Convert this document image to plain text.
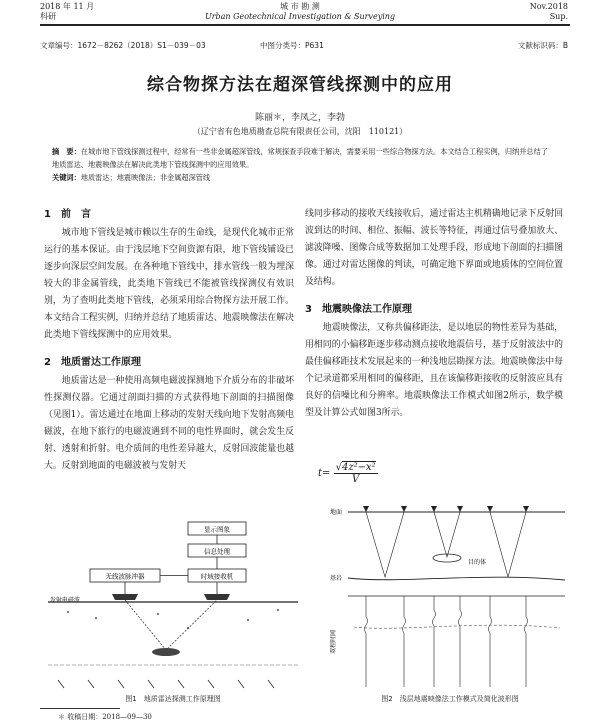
2018 年 11 月
科研
城 市 勘 测
Urban Geotechnical Investigation & Surveying
Nov.2018
Sup.
文章编号：1672－8262（2018）S1－039－03	中图分类号：P631	文献标识码：B
综合物探方法在超深管线探测中的应用
陈丽＊，李凤之，李勃
（辽宁省有色地质勘查总院有限责任公司，沈阳　110121）
摘　要：在城市地下管线探测过程中，经常有一些非金属超深管线，常规探查手段难于解决，需要采用一些综合物探方法。本文结合工程实例，归纳并总结了地质雷达、地震映像法在解决此类地下管线探测中的应用效果。
关键词：地质雷达；地震映像法；非金属超深管线
1　前　言

城市地下管线是城市赖以生存的生命线，是现代化城市正常运行的基本保证。由于浅层地下空间资源有限，地下管线铺设已逐步向深层空间发展。在各种地下管线中，排水管线一般为埋深较大的非金属管线，此类地下管线已不能被管线探测仪有效识别，为了查明此类地下管线，必须采用综合物探方法开展工作。本文结合工程实例，归纳并总结了地质雷达、地震映像法在解决此类地下管线探测中的应用效果。

2　地质雷达工作原理

地质雷达是一种使用高频电磁波探测地下介质分布的非破坏性探测仪器。它通过剖面扫描的方式获得地下剖面的扫描图像（见图1）。雷达通过在地面上移动的发射天线向地下发射高频电磁波，在地下旅行的电磁波遇到不同的电性界面时，就会发生反射、透射和折射。电介质间的电性差异越大，反射回波能量也越大。反射到地面的电磁波被与发射天

线同步移动的接收天线接收后，通过雷达主机精确地记录下反射回波到达的时间、相位、振幅、波长等特征，再通过信号叠加放大、滤波降噪、图像合成等数据加工处理手段，形成地下剖面的扫描图像。通过对雷达图像的判读，可确定地下界面或地质体的空间位置及结构。

3　地震映像法工作原理

地震映像法，又称共偏移距法，是以地层的物性差异为基础，用相同的小偏移距逐步移动测点接收地震信号，基于反射波法中的最佳偏移距技术发展起来的一种浅地层勘探方法。地震映像法中每个记录道都采用相同的偏移距，且在该偏移距接收的反射波应具有良好的信噪比和分辨率。地震映像法工作模式如图2所示，数学模型及计算公式如图3所示。

$t= \frac{\text{√4z²−x²}}{V}$
显示图象
信息处理
无线波脉冲器	时域接收机
发射电磁波
图1　地质雷达探测工作原理图
地面
目的体
基岩
双程时间
图2　浅层地震映像法工作模式及简化波形图
＊ 收稿日期：2018—09—30
